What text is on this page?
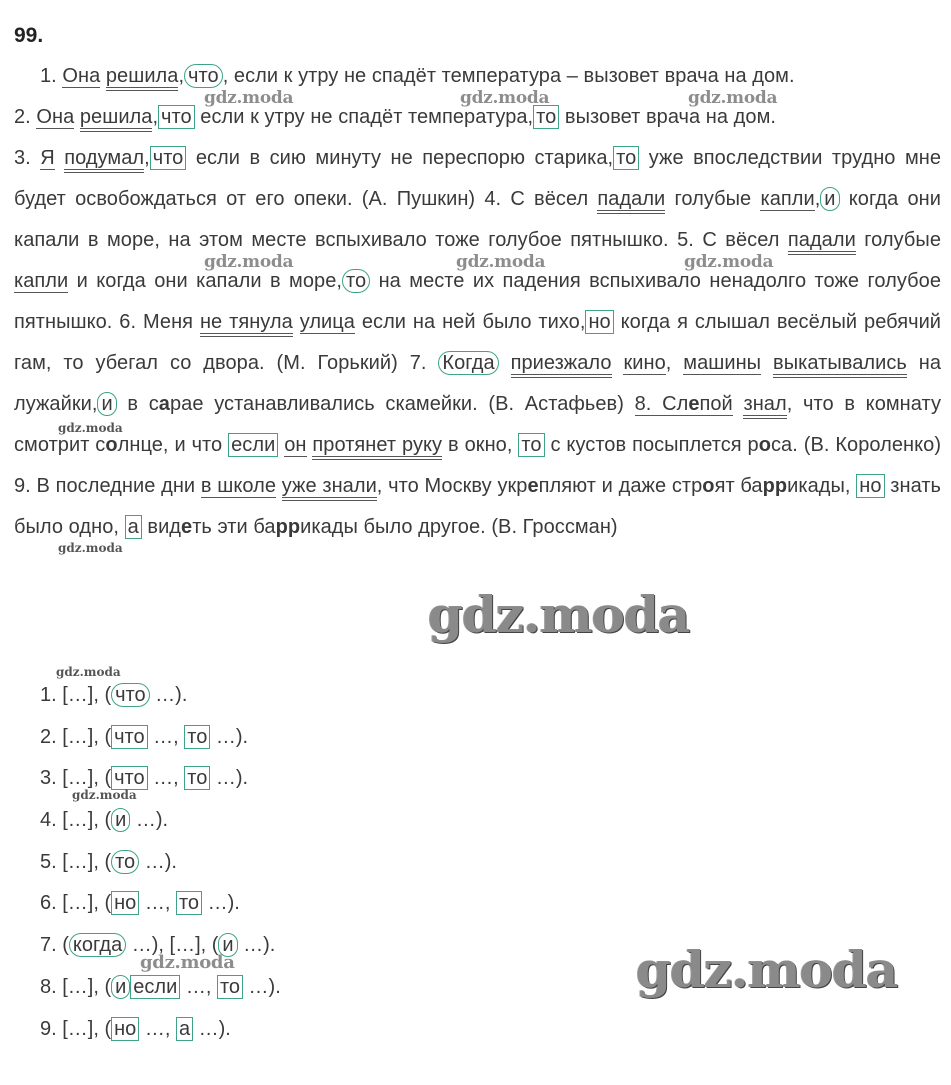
99.

1. Она решила, что , если к утру не спадёт температура – вызовет врача на дом.

2. Она решила, что если к утру не спадёт температура, то вызовет врача на дом.

3. Я подумал, что если в сию минуту не переспорю старика, то уже впоследствии трудно мне будет освобождаться от его опеки. (А. Пушкин) 4. С вёсел падали голубые капли, и когда они капали в море, на этом месте вспыхивало тоже голубое пятнышко. 5. С вёсел падали голубые капли и когда они капали в море, то на месте их падения вспыхивало ненадолго тоже голубое пятнышко. 6. Меня не тянула улица если на ней было тихо, но когда я слышал весёлый ребячий гам, то убегал со двора. (М. Горький) 7. Когда приезжало кино, машины выкатывались на лужайки, и в сарае устанавливались скамейки. (В. Астафьев) 8. Слепой знал, что в комнату смотрит солнце, и что если он протянет руку в окно, то с кустов посыплется роса. (В. Короленко) 9. В последние дни в школе уже знали, что Москву укрепляют и даже строят баррикады, но знать было одно, а видеть эти баррикады было другое. (В. Гроссман)

1. […], ( что …).
2. […], ( что …, то …).
3. […], ( что …, то …).
4. […], ( и …).
5. […], ( то …).
6. […], ( но …, то …).
7. ( когда …), […], ( и …).
8. […], ( и если …, то …).
9. […], ( но …, а …).
gdz.moda	gdz.moda	gdz.moda
gdz.moda	gdz.moda	gdz.moda
gdz.moda
gdz.moda
gdz.moda
gdz.moda
gdz.moda
gdz.moda	gdz.moda
